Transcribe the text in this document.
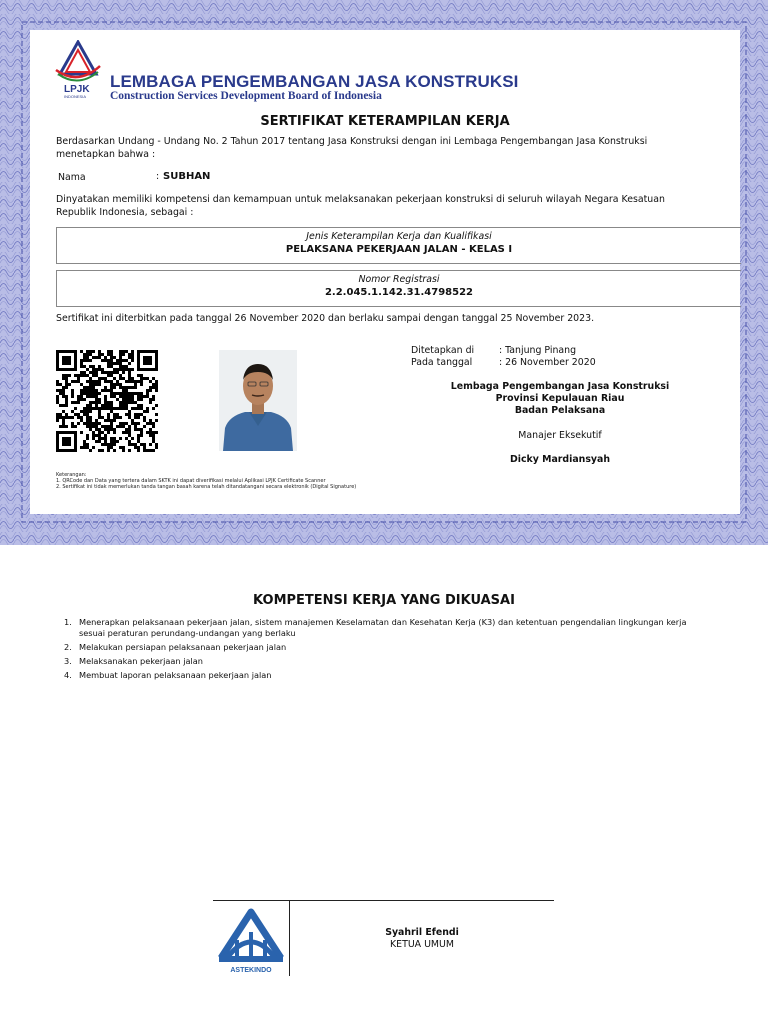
LPJK
INDONESIA
LEMBAGA PENGEMBANGAN JASA KONSTRUKSI
Construction Services Development Board of Indonesia
SERTIFIKAT KETERAMPILAN KERJA
Berdasarkan Undang - Undang No. 2 Tahun 2017 tentang Jasa Konstruksi dengan ini Lembaga Pengembangan Jasa Konstruksi menetapkan bahwa :
Nama	: SUBHAN
Dinyatakan memiliki kompetensi dan kemampuan untuk melaksanakan pekerjaan konstruksi di seluruh wilayah Negara Kesatuan Republik Indonesia, sebagai :
Jenis Keterampilan Kerja dan Kualifikasi
PELAKSANA PEKERJAAN JALAN - KELAS I
Nomor Registrasi
2.2.045.1.142.31.4798522
Sertifikat ini diterbitkan pada tanggal 26 November 2020 dan berlaku sampai dengan tanggal 25 November 2023.
Ditetapkan di	: Tanjung Pinang
Pada tanggal	: 26 November 2020
Lembaga Pengembangan Jasa Konstruksi
Provinsi Kepulauan Riau
Badan Pelaksana
Manajer Eksekutif
Dicky Mardiansyah
Keterangan:
1. QRCode dan Data yang tertera dalam SKTK ini dapat diverifikasi melalui Aplikasi LPJK Certificate Scanner
2. Sertifikat ini tidak memerlukan tanda tangan basah karena telah ditandatangani secara elektronik (Digital Signature)
KOMPETENSI KERJA YANG DIKUASAI
1. Menerapkan pelaksanaan pekerjaan jalan, sistem manajemen Keselamatan dan Kesehatan Kerja (K3) dan ketentuan pengendalian lingkungan kerja sesuai peraturan perundang-undangan yang berlaku
2. Melakukan persiapan pelaksanaan pekerjaan jalan
3. Melaksanakan pekerjaan jalan
4. Membuat laporan pelaksanaan pekerjaan jalan
ASTEKINDO
Syahril Efendi
KETUA UMUM
